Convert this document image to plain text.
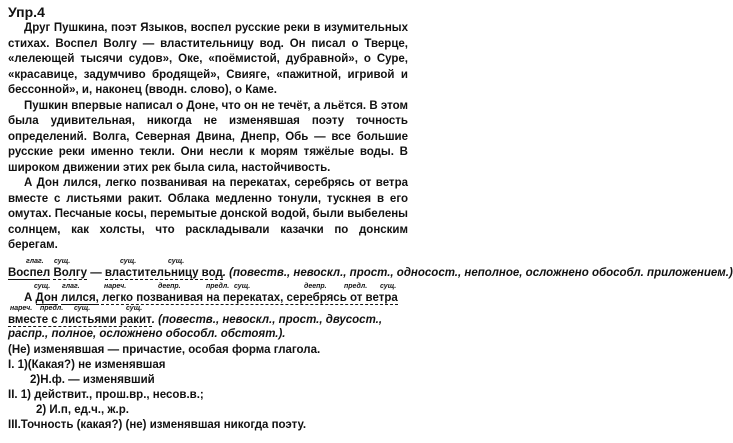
Упр.4

Друг Пушкина, поэт Языков, воспел русские реки в изумительных стихах. Воспел Волгу — властительницу вод. Он писал о Тверце, «лелеющей тысячи судов», Оке, «поёмистой, дубравной», о Суре, «красавице, задумчиво бродящей», Свияге, «пажитной, игривой и бессонной», и, наконец (вводн. слово), о Каме.

Пушкин впервые написал о Доне, что он не течёт, а льётся. В этом была удивительная, никогда не изменявшая поэту точность определений. Волга, Северная Двина, Днепр, Обь — все большие русские реки именно текли. Они несли к морям тяжёлые воды. В широком движении этих рек была сила, настойчивость.

А Дон лился, легко позванивая на перекатах, серебрясь от ветра вместе с листьями ракит. Облака медленно тонули, тускнея в его омутах. Песчаные косы, перемытые донской водой, были выбелены солнцем, как холсты, что раскладывали казачки по донским берегам.

глаг. сущ.	сущ.	сущ.
Воспел Волгу — властительницу вод. (повеств., невоскл., прост., односост., неполное, осложнено обособл. приложением.)
сущ. глаг.	нареч.	деепр.	предл. сущ.	деепр. предл. сущ.
А Дон лился, легко позванивая на перекатах, серебрясь от ветра
нареч. предл. сущ.	сущ.
вместе с листьями ракит. (повеств., невоскл., прост., двусост., распр., полное, осложнено обособл. обстоят.).
(Не) изменявшая — причастие, особая форма глагола.
I. 1)(Какая?) не изменявшая
2)Н.ф. — изменявший
II. 1) действит., прош.вр., несов.в.;
2) И.п, ед.ч., ж.р.
III.Точность (какая?) (не) изменявшая никогда поэту.
